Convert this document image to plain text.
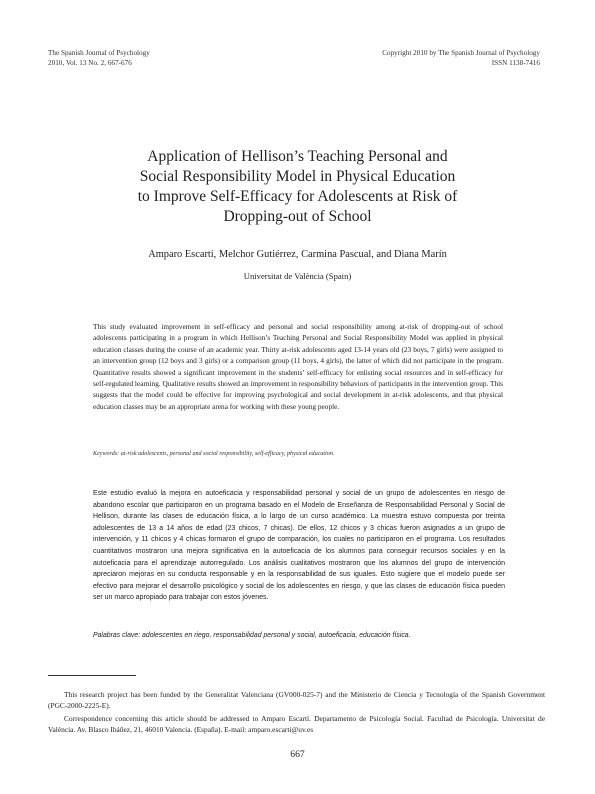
The Spanish Journal of Psychology
2010, Vol. 13 No. 2, 667-676
Copyright 2010 by The Spanish Journal of Psychology
ISSN 1138-7416
Application of Hellison’s Teaching Personal and
Social Responsibility Model in Physical Education
to Improve Self-Efficacy for Adolescents at Risk of
Dropping-out of School
Amparo Escartí, Melchor Gutiérrez, Carmina Pascual, and Diana Marín
Universitat de València (Spain)
This study evaluated improvement in self-efficacy and personal and social responsibility among at-risk of dropping-out of school adolescents participating in a program in which Hellison’s Teaching Personal and Social Responsibility Model was applied in physical education classes during the course of an academic year. Thirty at-risk adolescents aged 13-14 years old (23 boys, 7 girls) were assigned to an intervention group (12 boys and 3 girls) or a comparison group (11 boys, 4 girls), the latter of which did not participate in the program. Quantitative results showed a significant improvement in the students’ self-efficacy for enlisting social resources and in self-efficacy for self-regulated learning. Qualitative results showed an improvement in responsibility behaviors of participants in the intervention group. This suggests that the model could be effective for improving psychological and social development in at-risk adolescents, and that physical education classes may be an appropriate arena for working with these young people.
Keywords: at-risk adolescents, personal and social responsibility, self-efficacy, physical education.
Este estudio evaluó la mejora en autoeficacia y responsabilidad personal y social de un grupo de adolescentes en riesgo de abandono escolar que participaron en un programa basado en el Modelo de Enseñanza de Responsabilidad Personal y Social de Hellison, durante las clases de educación física, a lo largo de un curso académico. La muestra estuvo compuesta por treinta adolescentes de 13 a 14 años de edad (23 chicos, 7 chicas). De ellos, 12 chicos y 3 chicas fueron asignados a un grupo de intervención, y 11 chicos y 4 chicas formaron el grupo de comparación, los cuales no participaron en el programa. Los resultados cuantitativos mostraron una mejora significativa en la autoeficacia de los alumnos para conseguir recursos sociales y en la autoeficacia para el aprendizaje autorregulado. Los análisis cualitativos mostraron que los alumnos del grupo de intervención apreciaron mejoras en su conducta responsable y en la responsabilidad de sus iguales. Esto sugiere que el modelo puede ser efectivo para mejorar el desarrollo psicológico y social de los adolescentes en riesgo, y que las clases de educación física pueden ser un marco apropiado para trabajar con estos jóvenes.
Palabras clave: adolescentes en riego, responsabilidad personal y social, autoeficacia, educación física.
This research project has been funded by the Generalitat Valenciana (GV000-025-7) and the Ministerio de Ciencia y Tecnología of the Spanish Government (PGC-2000-2225-E).
Correspondence concerning this article should be addressed to Amparo Escartí. Departamento de Psicología Social. Facultad de Psicología. Universitat de València. Av. Blasco Ibáñez, 21, 46010 Valencia. (España). E-mail: amparo.escarti@uv.es
667
